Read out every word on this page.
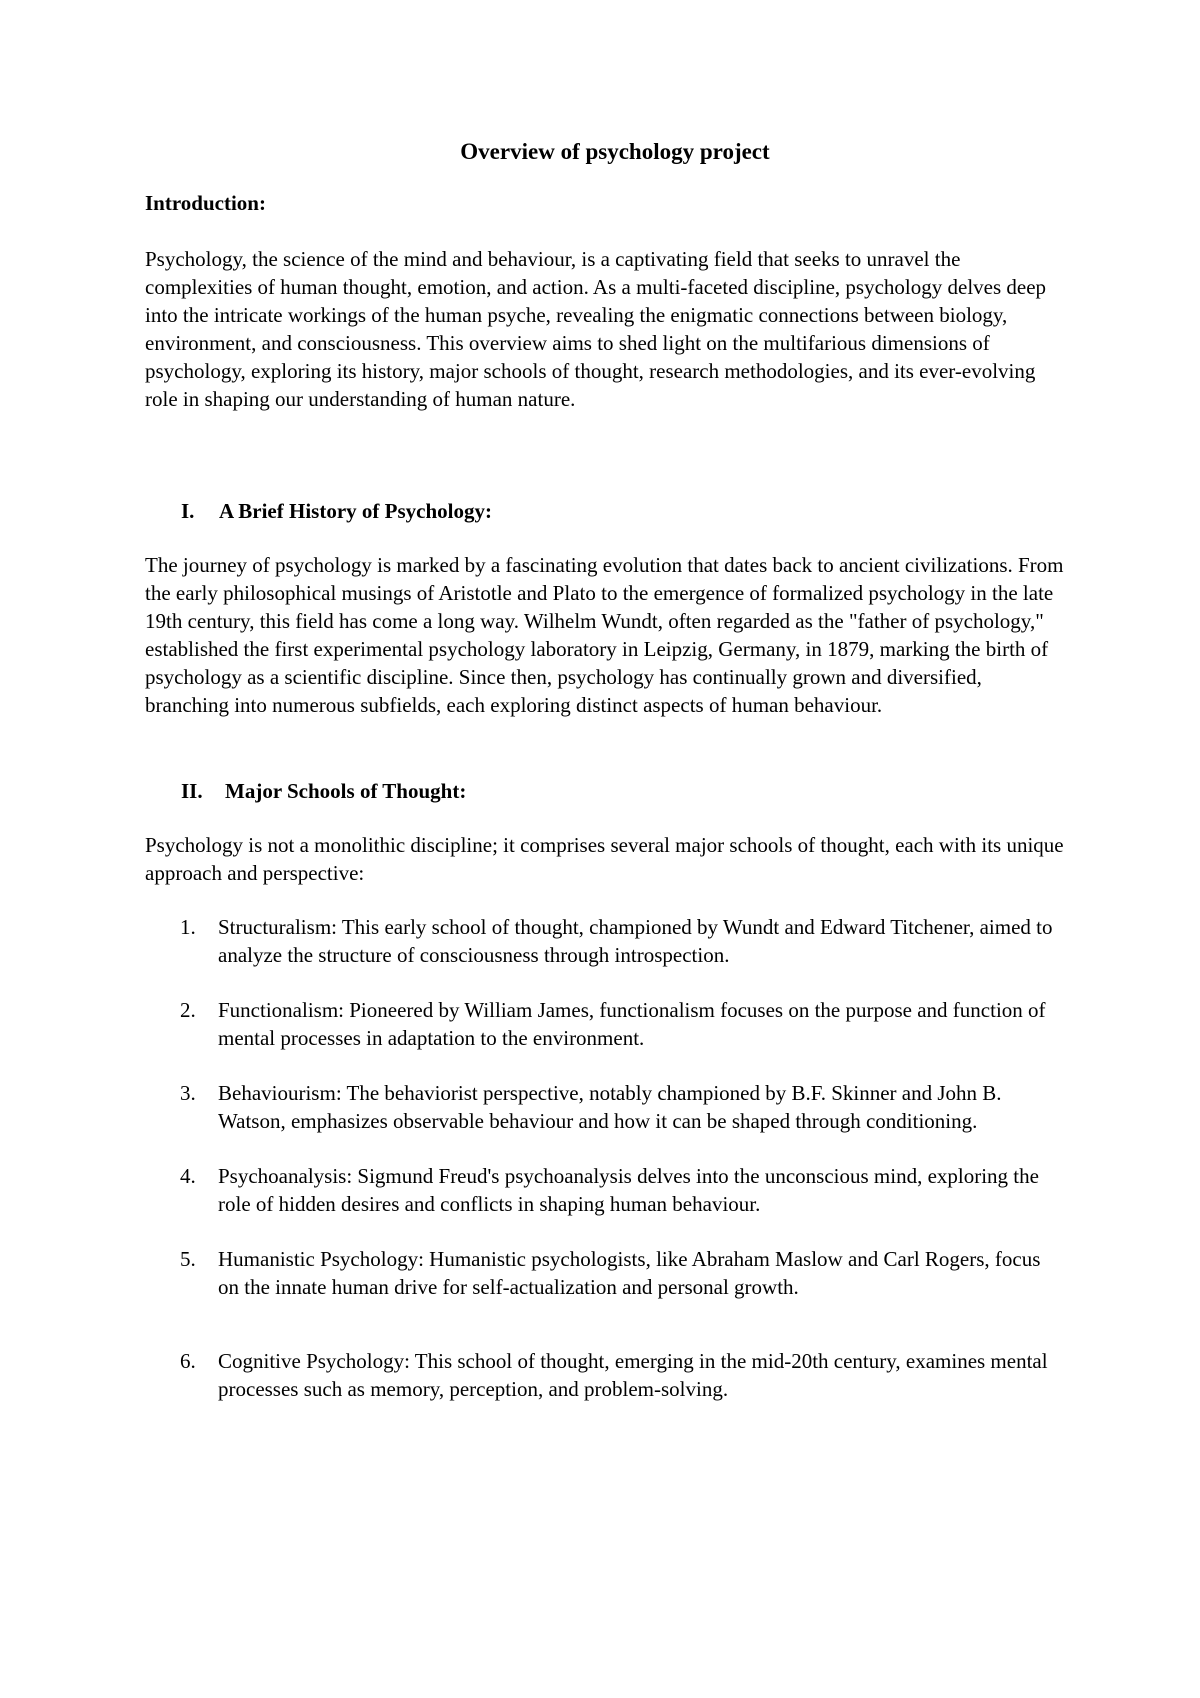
Overview of psychology project
Introduction:

Psychology, the science of the mind and behaviour, is a captivating field that seeks to unravel the complexities of human thought, emotion, and action. As a multi-faceted discipline, psychology delves deep into the intricate workings of the human psyche, revealing the enigmatic connections between biology, environment, and consciousness. This overview aims to shed light on the multifarious dimensions of psychology, exploring its history, major schools of thought, research methodologies, and its ever-evolving role in shaping our understanding of human nature.

I.	A Brief History of Psychology:

The journey of psychology is marked by a fascinating evolution that dates back to ancient civilizations. From the early philosophical musings of Aristotle and Plato to the emergence of formalized psychology in the late 19th century, this field has come a long way. Wilhelm Wundt, often regarded as the "father of psychology," established the first experimental psychology laboratory in Leipzig, Germany, in 1879, marking the birth of psychology as a scientific discipline. Since then, psychology has continually grown and diversified, branching into numerous subfields, each exploring distinct aspects of human behaviour.

II.	Major Schools of Thought:

Psychology is not a monolithic discipline; it comprises several major schools of thought, each with its unique approach and perspective:

1.	Structuralism: This early school of thought, championed by Wundt and Edward Titchener, aimed to analyze the structure of consciousness through introspection.
2.	Functionalism: Pioneered by William James, functionalism focuses on the purpose and function of mental processes in adaptation to the environment.
3.	Behaviourism: The behaviorist perspective, notably championed by B.F. Skinner and John B. Watson, emphasizes observable behaviour and how it can be shaped through conditioning.
4.	Psychoanalysis: Sigmund Freud's psychoanalysis delves into the unconscious mind, exploring the role of hidden desires and conflicts in shaping human behaviour.
5.	Humanistic Psychology: Humanistic psychologists, like Abraham Maslow and Carl Rogers, focus on the innate human drive for self-actualization and personal growth.
6.	Cognitive Psychology: This school of thought, emerging in the mid-20th century, examines mental processes such as memory, perception, and problem-solving.
